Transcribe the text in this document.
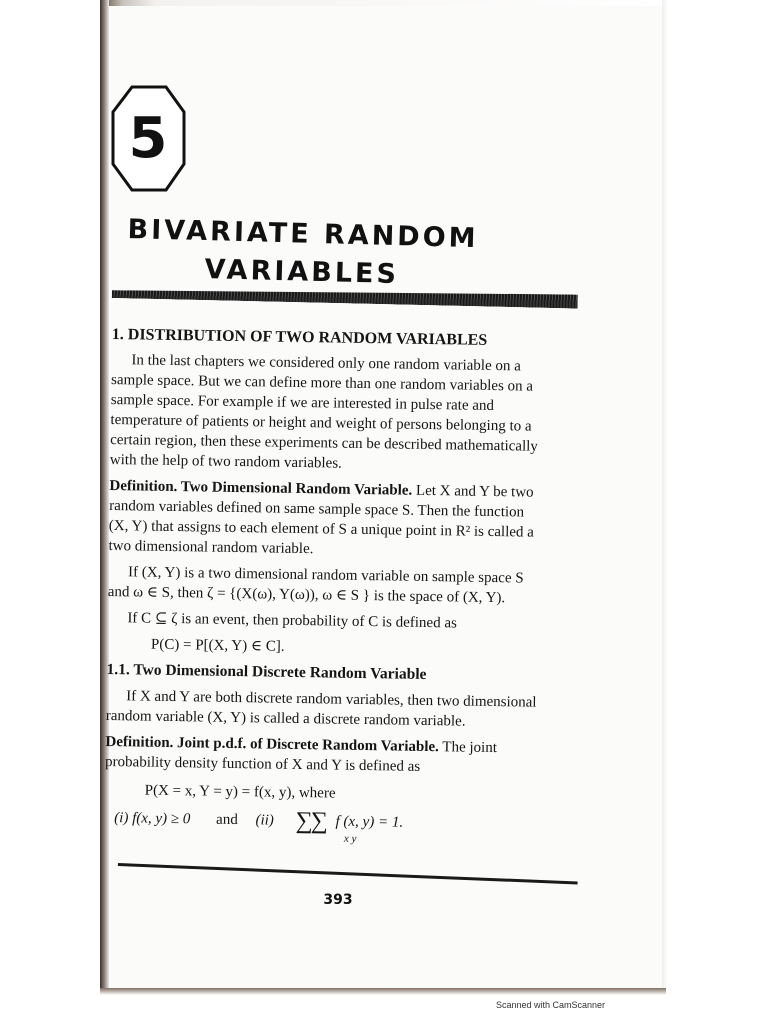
5
BIVARIATE RANDOM
VARIABLES
1. DISTRIBUTION OF TWO RANDOM VARIABLES
In the last chapters we considered only one random variable on a
sample space. But we can define more than one random variables on a
sample space. For example if we are interested in pulse rate and
temperature of patients or height and weight of persons belonging to a
certain region, then these experiments can be described mathematically
with the help of two random variables.
Definition. Two Dimensional Random Variable. Let X and Y be two
random variables defined on same sample space S. Then the function
(X, Y) that assigns to each element of S a unique point in R² is called a
two dimensional random variable.
If (X, Y) is a two dimensional random variable on sample space S
and ω ∈ S, then ζ = {(X(ω), Y(ω)), ω ∈ S } is the space of (X, Y).
If C ⊆ ζ is an event, then probability of C is defined as
P(C) = P[(X, Y) ∈ C].
1.1. Two Dimensional Discrete Random Variable
If X and Y are both discrete random variables, then two dimensional
random variable (X, Y) is called a discrete random variable.
Definition. Joint p.d.f. of Discrete Random Variable. The joint
probability density function of X and Y is defined as
P(X = x, Y = y) = f(x, y), where
(i) f(x, y) ≥ 0 and (ii) ∑∑ f (x, y) = 1.
x y
393
Scanned with CamScanner
